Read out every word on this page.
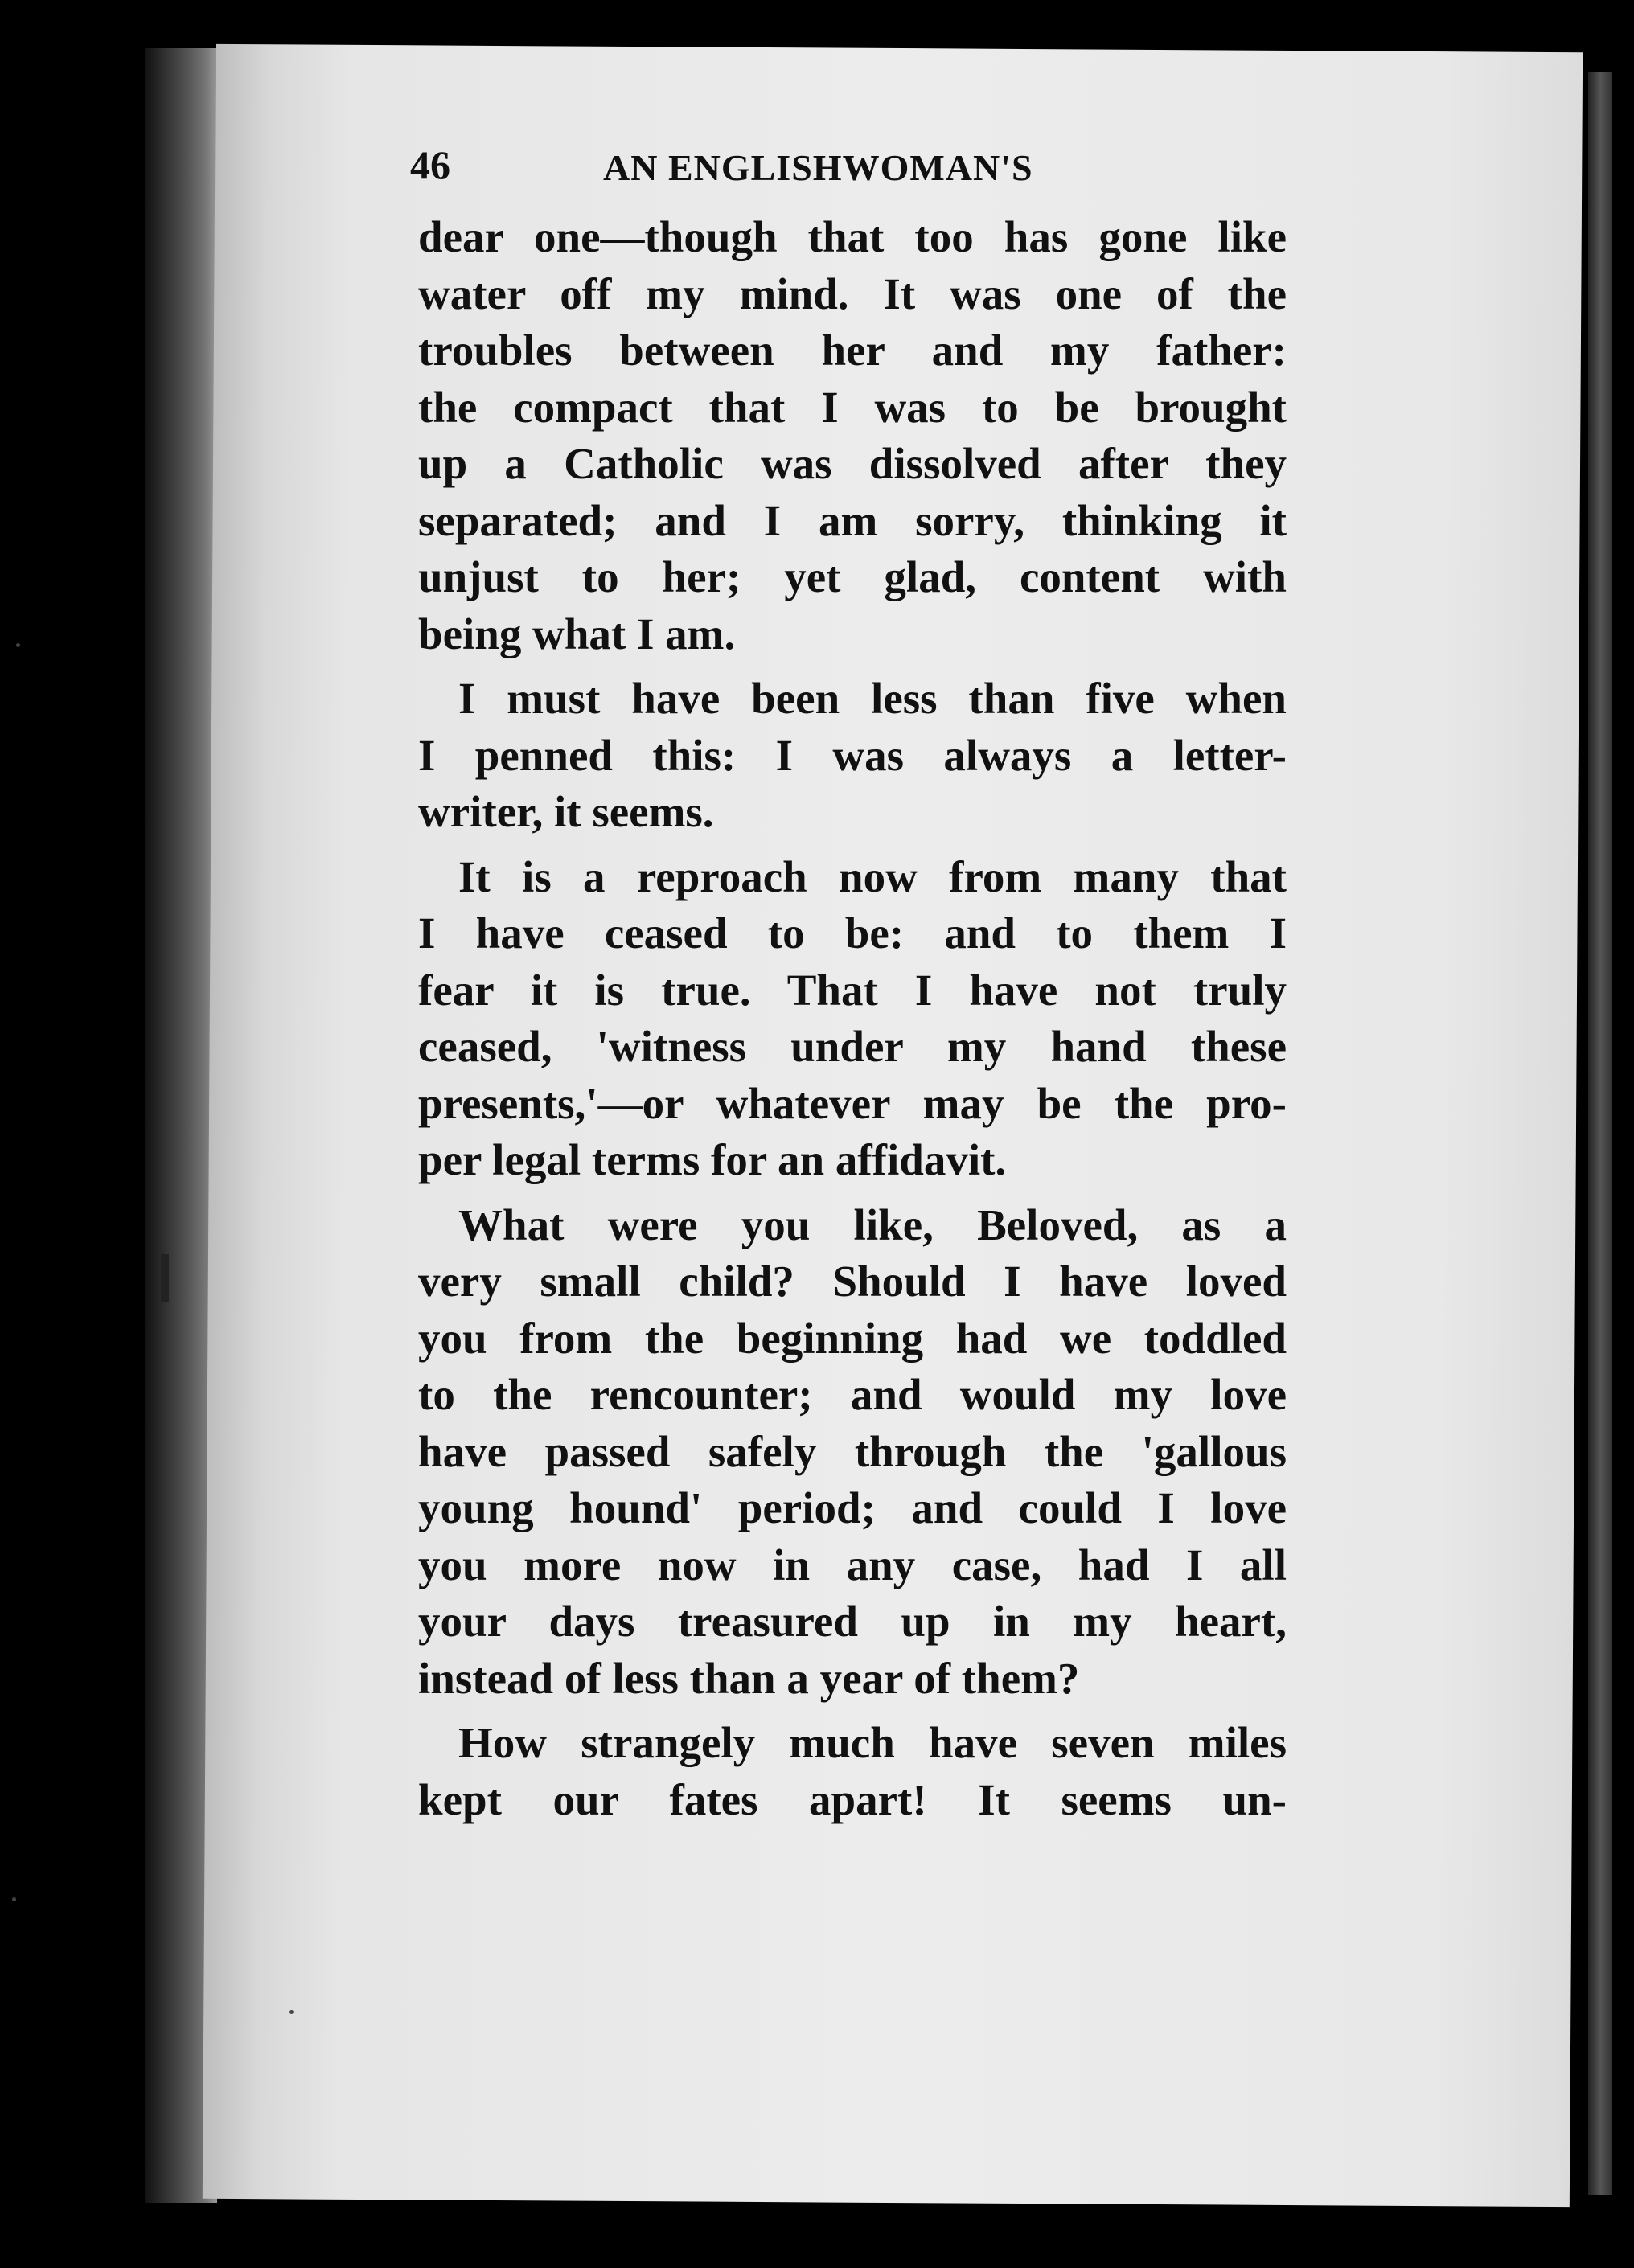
46	AN ENGLISHWOMAN'S
dear one—though that too has gone like
water off my mind. It was one of the
troubles between her and my father:
the compact that I was to be brought
up a Catholic was dissolved after they
separated; and I am sorry, thinking it
unjust to her; yet glad, content with
being what I am.
I must have been less than five when
I penned this: I was always a letter-
writer, it seems.
It is a reproach now from many that
I have ceased to be: and to them I
fear it is true. That I have not truly
ceased, 'witness under my hand these
presents,'—or whatever may be the pro-
per legal terms for an affidavit.
What were you like, Beloved, as a
very small child? Should I have loved
you from the beginning had we toddled
to the rencounter; and would my love
have passed safely through the 'gallous
young hound' period; and could I love
you more now in any case, had I all
your days treasured up in my heart,
instead of less than a year of them?
How strangely much have seven miles
kept our fates apart! It seems un-
